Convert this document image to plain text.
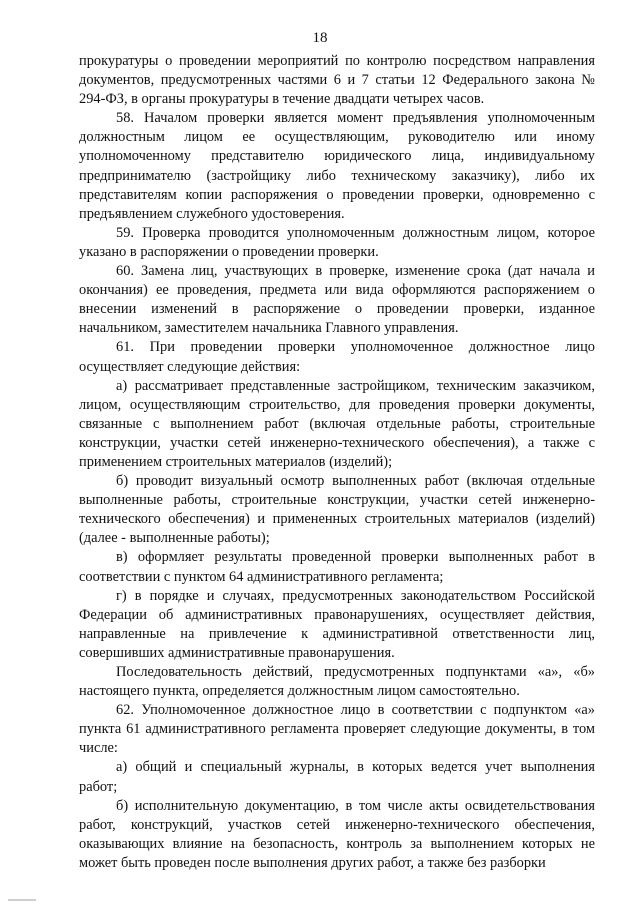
18

прокуратуры о проведении мероприятий по контролю посредством направления документов, предусмотренных частями 6 и 7 статьи 12 Федерального закона № 294-ФЗ, в органы прокуратуры в течение двадцати четырех часов.

58. Началом проверки является момент предъявления уполномоченным должностным лицом ее осуществляющим, руководителю или иному уполномоченному представителю юридического лица, индивидуальному предпринимателю (застройщику либо техническому заказчику), либо их представителям копии распоряжения о проведении проверки, одновременно с предъявлением служебного удостоверения.

59. Проверка проводится уполномоченным должностным лицом, которое указано в распоряжении о проведении проверки.

60. Замена лиц, участвующих в проверке, изменение срока (дат начала и окончания) ее проведения, предмета или вида оформляются распоряжением о внесении изменений в распоряжение о проведении проверки, изданное начальником, заместителем начальника Главного управления.

61. При проведении проверки уполномоченное должностное лицо осуществляет следующие действия:

а) рассматривает представленные застройщиком, техническим заказчиком, лицом, осуществляющим строительство, для проведения проверки документы, связанные с выполнением работ (включая отдельные работы, строительные конструкции, участки сетей инженерно-технического обеспечения), а также с применением строительных материалов (изделий);

б) проводит визуальный осмотр выполненных работ (включая отдельные выполненные работы, строительные конструкции, участки сетей инженерно-технического обеспечения) и примененных строительных материалов (изделий) (далее - выполненные работы);

в) оформляет результаты проведенной проверки выполненных работ в соответствии с пунктом 64 административного регламента;

г) в порядке и случаях, предусмотренных законодательством Российской Федерации об административных правонарушениях, осуществляет действия, направленные на привлечение к административной ответственности лиц, совершивших административные правонарушения.

Последовательность действий, предусмотренных подпунктами «а», «б» настоящего пункта, определяется должностным лицом самостоятельно.

62. Уполномоченное должностное лицо в соответствии с подпунктом «а» пункта 61 административного регламента проверяет следующие документы, в том числе:

а) общий и специальный журналы, в которых ведется учет выполнения работ;

б) исполнительную документацию, в том числе акты освидетельствования работ, конструкций, участков сетей инженерно-технического обеспечения, оказывающих влияние на безопасность, контроль за выполнением которых не может быть проведен после выполнения других работ, а также без разборки
